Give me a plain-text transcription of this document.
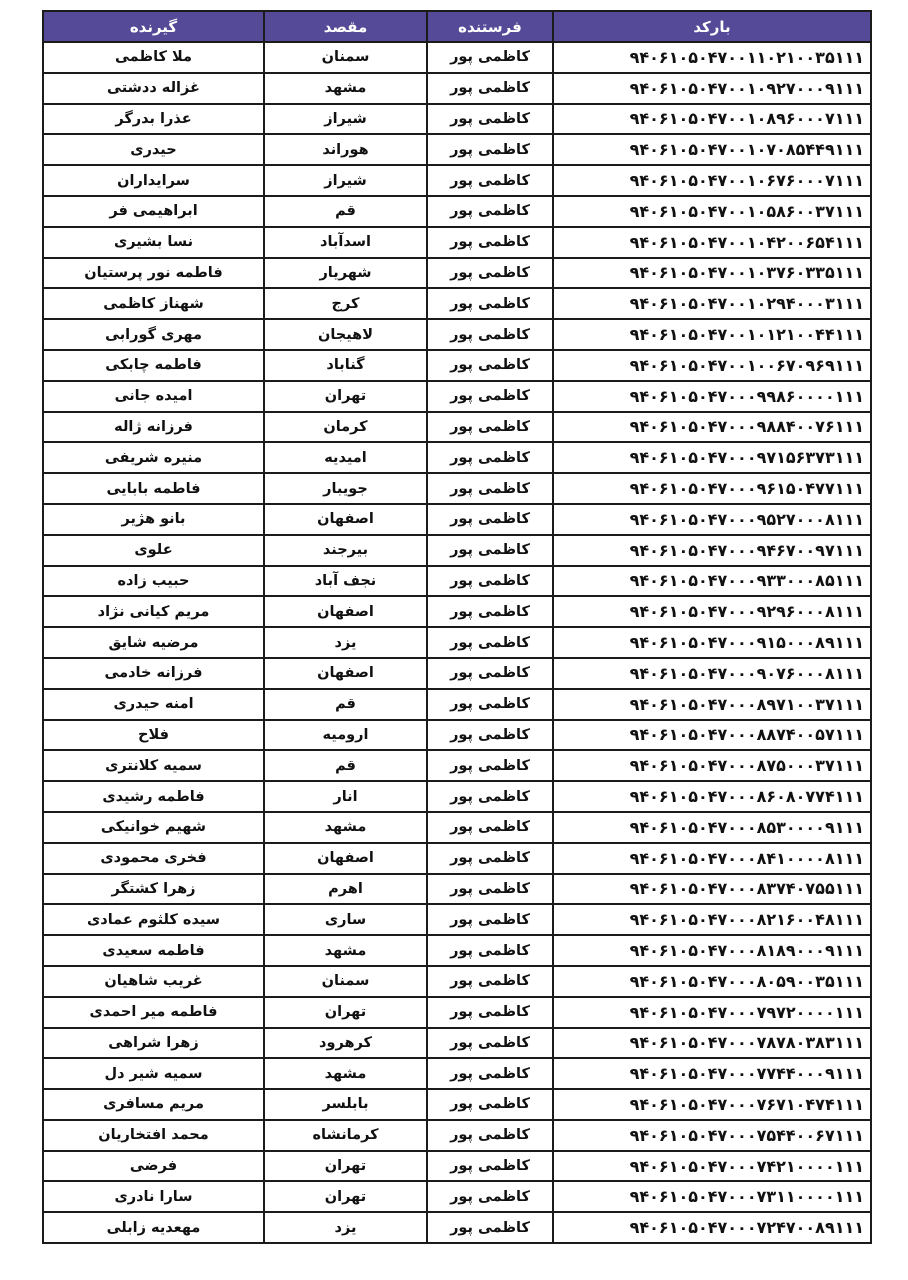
بارکد	فرستنده	مقصد	گیرنده
۹۴۰۶۱۰۵۰۴۷۰۰۱۱۰۲۱۰۰۳۵۱۱۱	کاظمی پور	سمنان	ملا کاظمی
۹۴۰۶۱۰۵۰۴۷۰۰۱۰۹۲۷۰۰۰۹۱۱۱	کاظمی پور	مشهد	غزاله ددشتی
۹۴۰۶۱۰۵۰۴۷۰۰۱۰۸۹۶۰۰۰۷۱۱۱	کاظمی پور	شیراز	عذرا بدرگر
۹۴۰۶۱۰۵۰۴۷۰۰۱۰۷۰۸۵۴۴۹۱۱۱	کاظمی پور	هوراند	حیدری
۹۴۰۶۱۰۵۰۴۷۰۰۱۰۶۷۶۰۰۰۷۱۱۱	کاظمی پور	شیراز	سرایداران
۹۴۰۶۱۰۵۰۴۷۰۰۱۰۵۸۶۰۰۳۷۱۱۱	کاظمی پور	قم	ابراهیمی فر
۹۴۰۶۱۰۵۰۴۷۰۰۱۰۴۲۰۰۶۵۴۱۱۱	کاظمی پور	اسدآباد	نسا بشیری
۹۴۰۶۱۰۵۰۴۷۰۰۱۰۳۷۶۰۳۳۵۱۱۱	کاظمی پور	شهریار	فاطمه نور پرستیان
۹۴۰۶۱۰۵۰۴۷۰۰۱۰۲۹۴۰۰۰۳۱۱۱	کاظمی پور	کرج	شهناز کاظمی
۹۴۰۶۱۰۵۰۴۷۰۰۱۰۱۲۱۰۰۴۴۱۱۱	کاظمی پور	لاهیجان	مهری گورابی
۹۴۰۶۱۰۵۰۴۷۰۰۱۰۰۶۷۰۹۶۹۱۱۱	کاظمی پور	گناباد	فاطمه چابکی
۹۴۰۶۱۰۵۰۴۷۰۰۰۹۹۸۶۰۰۰۰۱۱۱	کاظمی پور	تهران	امیده جانی
۹۴۰۶۱۰۵۰۴۷۰۰۰۹۸۸۴۰۰۷۶۱۱۱	کاظمی پور	کرمان	فرزانه ژاله
۹۴۰۶۱۰۵۰۴۷۰۰۰۹۷۱۵۶۳۷۳۱۱۱	کاظمی پور	امیدیه	منیره شریفی
۹۴۰۶۱۰۵۰۴۷۰۰۰۹۶۱۵۰۴۷۷۱۱۱	کاظمی پور	جویبار	فاطمه بابایی
۹۴۰۶۱۰۵۰۴۷۰۰۰۹۵۲۷۰۰۰۸۱۱۱	کاظمی پور	اصفهان	بانو هژیر
۹۴۰۶۱۰۵۰۴۷۰۰۰۹۴۶۷۰۰۹۷۱۱۱	کاظمی پور	بیرجند	علوی
۹۴۰۶۱۰۵۰۴۷۰۰۰۹۳۳۰۰۰۸۵۱۱۱	کاظمی پور	نجف آباد	حبیب زاده
۹۴۰۶۱۰۵۰۴۷۰۰۰۹۲۹۶۰۰۰۸۱۱۱	کاظمی پور	اصفهان	مریم کیانی نژاد
۹۴۰۶۱۰۵۰۴۷۰۰۰۹۱۵۰۰۰۸۹۱۱۱	کاظمی پور	یزد	مرضیه شایق
۹۴۰۶۱۰۵۰۴۷۰۰۰۹۰۷۶۰۰۰۸۱۱۱	کاظمی پور	اصفهان	فرزانه خادمی
۹۴۰۶۱۰۵۰۴۷۰۰۰۸۹۷۱۰۰۳۷۱۱۱	کاظمی پور	قم	امنه حیدری
۹۴۰۶۱۰۵۰۴۷۰۰۰۸۸۷۴۰۰۵۷۱۱۱	کاظمی پور	ارومیه	فلاح
۹۴۰۶۱۰۵۰۴۷۰۰۰۸۷۵۰۰۰۳۷۱۱۱	کاظمی پور	قم	سمیه کلانتری
۹۴۰۶۱۰۵۰۴۷۰۰۰۸۶۰۸۰۷۷۴۱۱۱	کاظمی پور	انار	فاطمه رشیدی
۹۴۰۶۱۰۵۰۴۷۰۰۰۸۵۳۰۰۰۰۹۱۱۱	کاظمی پور	مشهد	شهیم خوانیکی
۹۴۰۶۱۰۵۰۴۷۰۰۰۸۴۱۰۰۰۰۸۱۱۱	کاظمی پور	اصفهان	فخری محمودی
۹۴۰۶۱۰۵۰۴۷۰۰۰۸۳۷۴۰۷۵۵۱۱۱	کاظمی پور	اهرم	زهرا کشتگر
۹۴۰۶۱۰۵۰۴۷۰۰۰۸۲۱۶۰۰۴۸۱۱۱	کاظمی پور	ساری	سیده کلثوم عمادی
۹۴۰۶۱۰۵۰۴۷۰۰۰۸۱۸۹۰۰۰۹۱۱۱	کاظمی پور	مشهد	فاطمه سعیدی
۹۴۰۶۱۰۵۰۴۷۰۰۰۸۰۵۹۰۰۳۵۱۱۱	کاظمی پور	سمنان	غریب شاهیان
۹۴۰۶۱۰۵۰۴۷۰۰۰۷۹۷۲۰۰۰۰۱۱۱	کاظمی پور	تهران	فاطمه میر احمدی
۹۴۰۶۱۰۵۰۴۷۰۰۰۷۸۷۸۰۳۸۳۱۱۱	کاظمی پور	کرهرود	زهرا شراهی
۹۴۰۶۱۰۵۰۴۷۰۰۰۷۷۴۴۰۰۰۹۱۱۱	کاظمی پور	مشهد	سمیه شیر دل
۹۴۰۶۱۰۵۰۴۷۰۰۰۷۶۷۱۰۴۷۴۱۱۱	کاظمی پور	بابلسر	مریم مسافری
۹۴۰۶۱۰۵۰۴۷۰۰۰۷۵۴۴۰۰۶۷۱۱۱	کاظمی پور	کرمانشاه	محمد افتخاریان
۹۴۰۶۱۰۵۰۴۷۰۰۰۷۴۲۱۰۰۰۰۱۱۱	کاظمی پور	تهران	فرضی
۹۴۰۶۱۰۵۰۴۷۰۰۰۷۳۱۱۰۰۰۰۱۱۱	کاظمی پور	تهران	سارا نادری
۹۴۰۶۱۰۵۰۴۷۰۰۰۷۲۴۷۰۰۸۹۱۱۱	کاظمی پور	یزد	مهعدیه زابلی
